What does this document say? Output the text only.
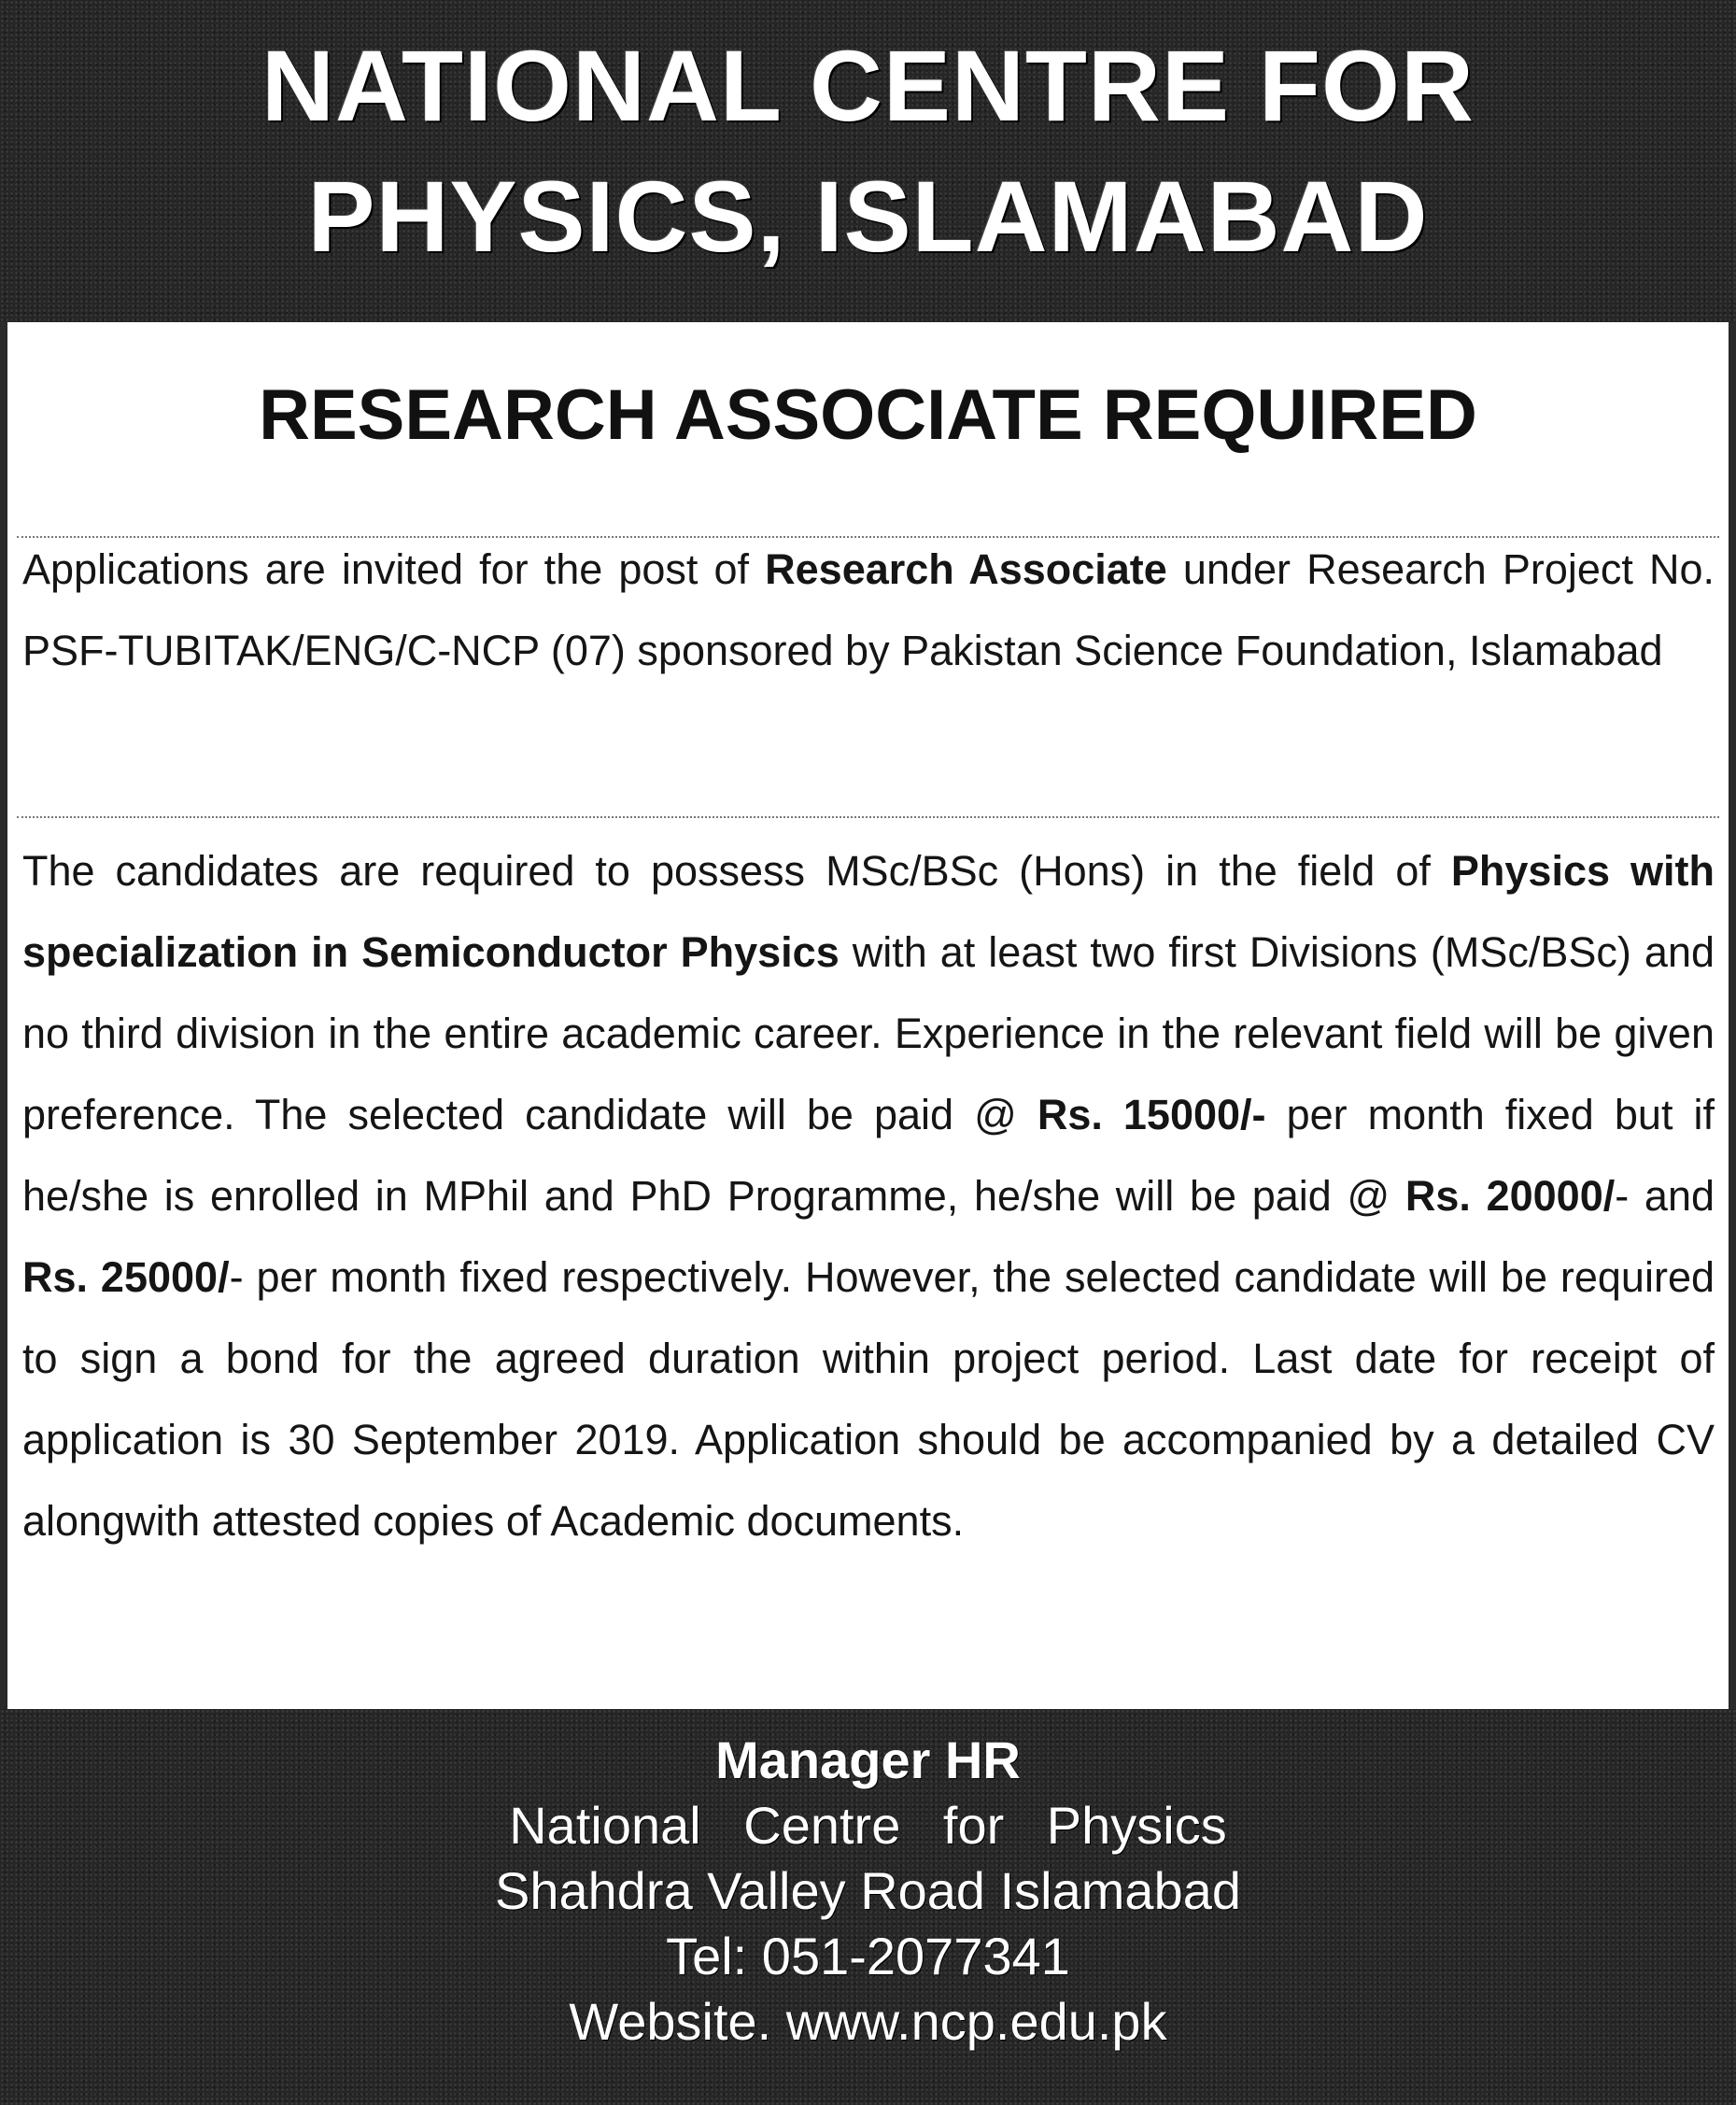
NATIONAL CENTRE FOR
PHYSICS, ISLAMABAD
RESEARCH ASSOCIATE REQUIRED
Applications are invited for the post of Research Associate under Research Project No. PSF-TUBITAK/ENG/C-NCP (07) sponsored by Pakistan Science Foundation, Islamabad
The candidates are required to possess MSc/BSc (Hons) in the field of Physics with specialization in Semiconductor Physics with at least two first Divisions (MSc/BSc) and no third division in the entire academic career. Experience in the relevant field will be given preference. The selected candidate will be paid @ Rs. 15000/- per month fixed but if he/she is enrolled in MPhil and PhD Programme, he/she will be paid @ Rs. 20000/- and Rs. 25000/- per month fixed respectively. However, the selected candidate will be required to sign a bond for the agreed duration within project period. Last date for receipt of application is 30 September 2019. Application should be accompanied by a detailed CV alongwith attested copies of Academic documents.
Manager HR
National Centre for Physics
Shahdra Valley Road Islamabad
Tel: 051-2077341
Website. www.ncp.edu.pk
